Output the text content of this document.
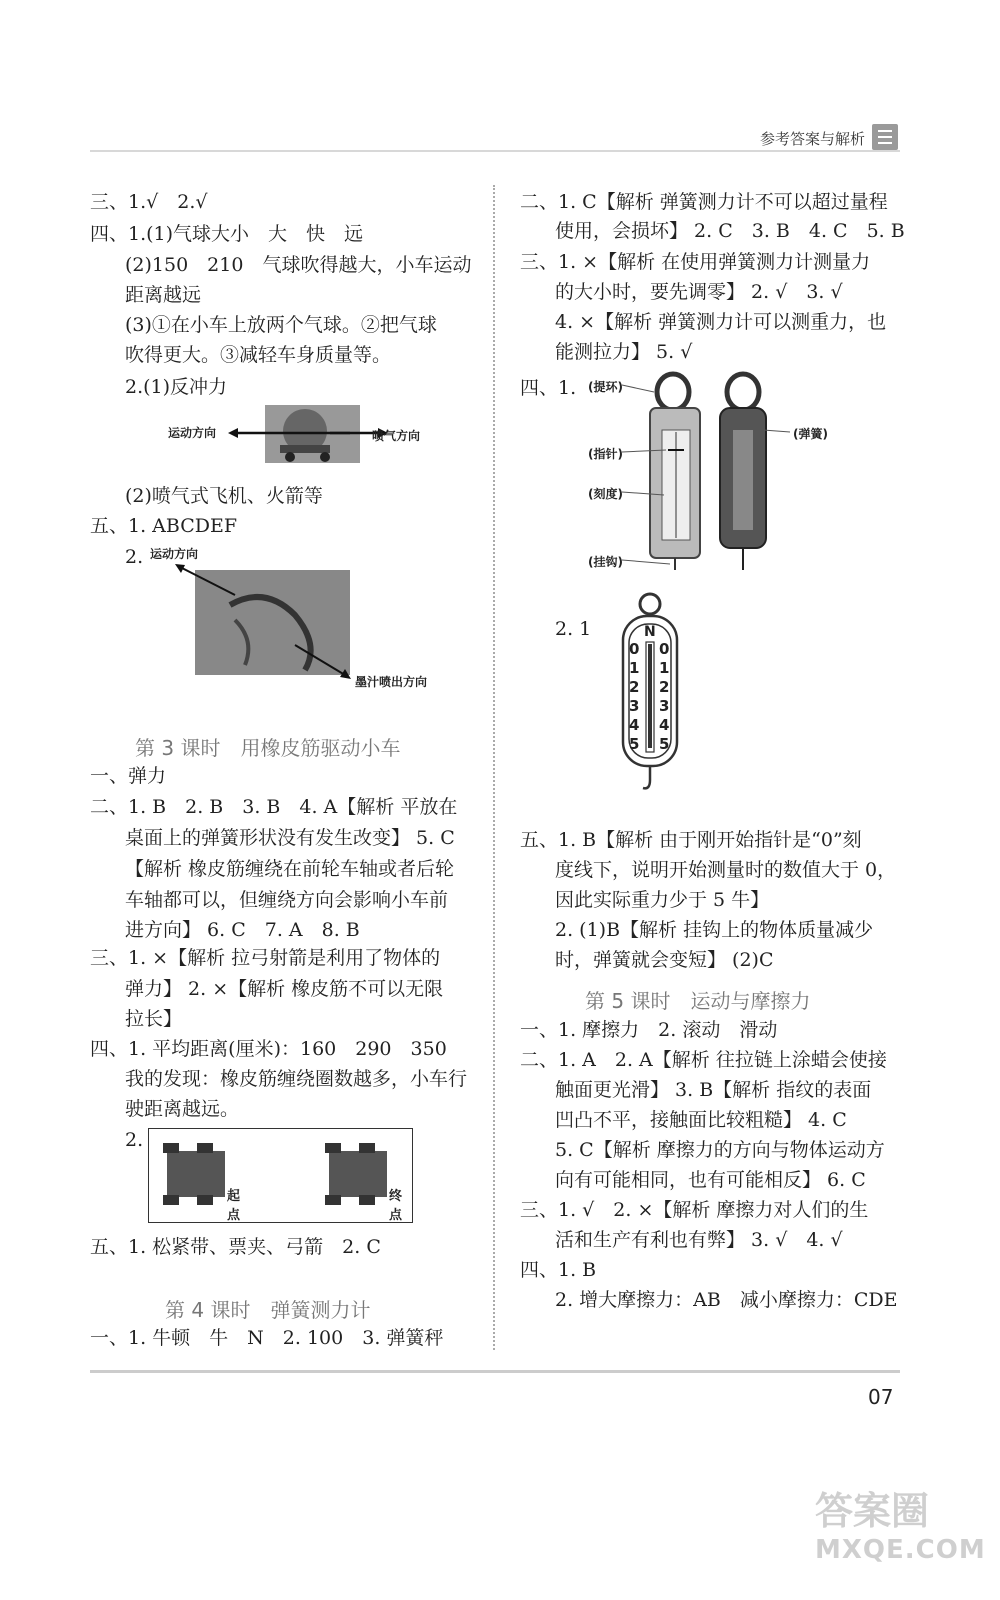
参考答案与解析
三、1.√　2.√
四、1.(1)气球大小　大　快　远
(2)150　210　气球吹得越大，小车运动
距离越远
(3)①在小车上放两个气球。②把气球
吹得更大。③减轻车身质量等。
2.(1)反冲力
运动方向	喷气方向
(2)喷气式飞机、火箭等
五、1. ABCDEF
2. 运动方向
墨汁喷出方向
第 3 课时　用橡皮筋驱动小车
一、弹力
二、1. B　2. B　3. B　4. A【解析 平放在
桌面上的弹簧形状没有发生改变】 5. C
【解析 橡皮筋缠绕在前轮车轴或者后轮
车轴都可以，但缠绕方向会影响小车前
进方向】 6. C　7. A　8. B
三、1. ×【解析 拉弓射箭是利用了物体的
弹力】 2. ×【解析 橡皮筋不可以无限
拉长】
四、1. 平均距离(厘米)：160　290　350
我的发现：橡皮筋缠绕圈数越多，小车行
驶距离越远。
2.
起点
终点
五、1. 松紧带、票夹、弓箭　2. C
第 4 课时　弹簧测力计
一、1. 牛顿　牛　N　2. 100　3. 弹簧秤
二、1. C【解析 弹簧测力计不可以超过量程
使用，会损坏】 2. C　3. B　4. C　5. B
三、1. ×【解析 在使用弹簧测力计测量力
的大小时，要先调零】 2. √　3. √
4. ×【解析 弹簧测力计可以测重力，也
能测拉力】 5. √
四、1. (提环)
(指针)
(刻度)
(挂钩)
(弹簧)
2. 1	N
0
1
2
3
4
5
0
1
2
3
4
5
五、1. B【解析 由于刚开始指针是“0”刻
度线下，说明开始测量时的数值大于 0，
因此实际重力少于 5 牛】
2. (1)B【解析 挂钩上的物体质量减少
时，弹簧就会变短】 (2)C
第 5 课时　运动与摩擦力
一、1. 摩擦力　2. 滚动　滑动
二、1. A　2. A【解析 往拉链上涂蜡会使接
触面更光滑】 3. B【解析 指纹的表面
凹凸不平，接触面比较粗糙】 4. C
5. C【解析 摩擦力的方向与物体运动方
向有可能相同，也有可能相反】 6. C
三、1. √　2. ×【解析 摩擦力对人们的生
活和生产有利也有弊】 3. √　4. √
四、1. B
2. 增大摩擦力：AB　减小摩擦力：CDE
07
答案圈
MXQE.COM
